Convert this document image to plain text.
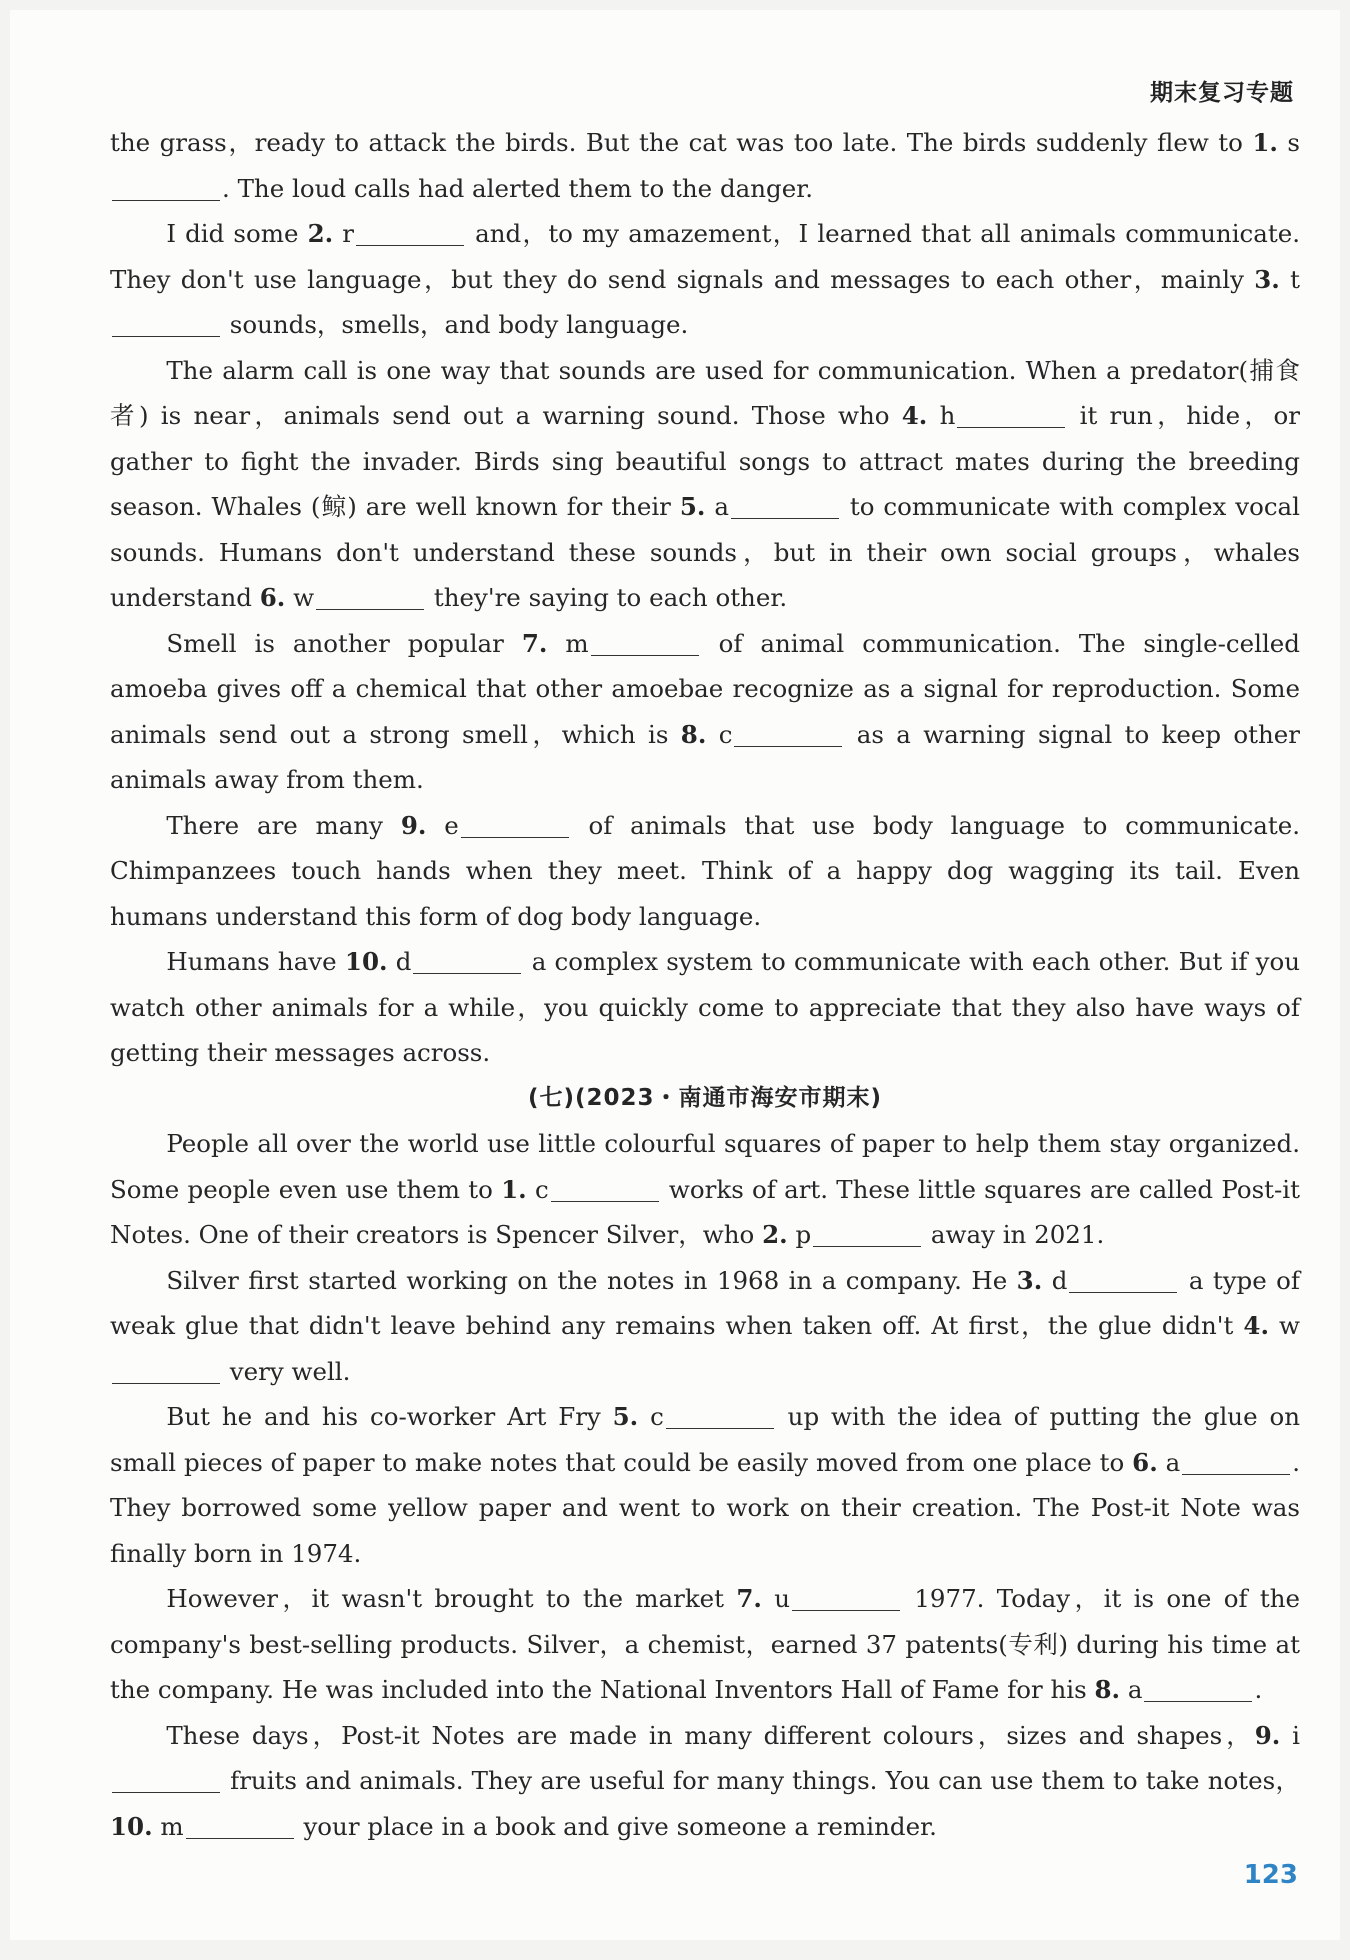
期末复习专题

the grass，ready to attack the birds. But the cat was too late. The birds suddenly flew to 1. s. The loud calls had alerted them to the danger.

I did some 2. r	and，to my amazement，I learned that all animals communicate. They don't use language，but they do send signals and messages to each other，mainly 3. t sounds，smells，and body language.

The alarm call is one way that sounds are used for communication. When a predator(捕食者) is near，animals send out a warning sound. Those who 4. h	it run，hide，or gather to fight the invader. Birds sing beautiful songs to attract mates during the breeding season. Whales (鲸) are well known for their 5. a	to communicate with complex vocal sounds. Humans don't understand these sounds，but in their own social groups，whales understand 6. w	they're saying to each other.

Smell is another popular 7. m	of animal communication. The single-celled amoeba gives off a chemical that other amoebae recognize as a signal for reproduction. Some animals send out a strong smell，which is 8. c	as a warning signal to keep other animals away from them.

There are many 9. e	of animals that use body language to communicate. Chimpanzees touch hands when they meet. Think of a happy dog wagging its tail. Even humans understand this form of dog body language.

Humans have 10. d	a complex system to communicate with each other. But if you watch other animals for a while，you quickly come to appreciate that they also have ways of getting their messages across.

(七)(2023・南通市海安市期末)

People all over the world use little colourful squares of paper to help them stay organized. Some people even use them to 1. c	works of art. These little squares are called Post-it Notes. One of their creators is Spencer Silver，who 2. p	away in 2021.

Silver first started working on the notes in 1968 in a company. He 3. d	a type of weak glue that didn't leave behind any remains when taken off. At first，the glue didn't 4. w very well.

But he and his co-worker Art Fry 5. c	up with the idea of putting the glue on small pieces of paper to make notes that could be easily moved from one place to 6. a	. They borrowed some yellow paper and went to work on their creation. The Post-it Note was finally born in 1974.

However，it wasn't brought to the market 7. u	1977. Today，it is one of the company's best-selling products. Silver，a chemist，earned 37 patents(专利) during his time at the company. He was included into the National Inventors Hall of Fame for his 8. a	.

These days，Post-it Notes are made in many different colours，sizes and shapes，9. i fruits and animals. They are useful for many things. You can use them to take notes，10. m	your place in a book and give someone a reminder.

123
